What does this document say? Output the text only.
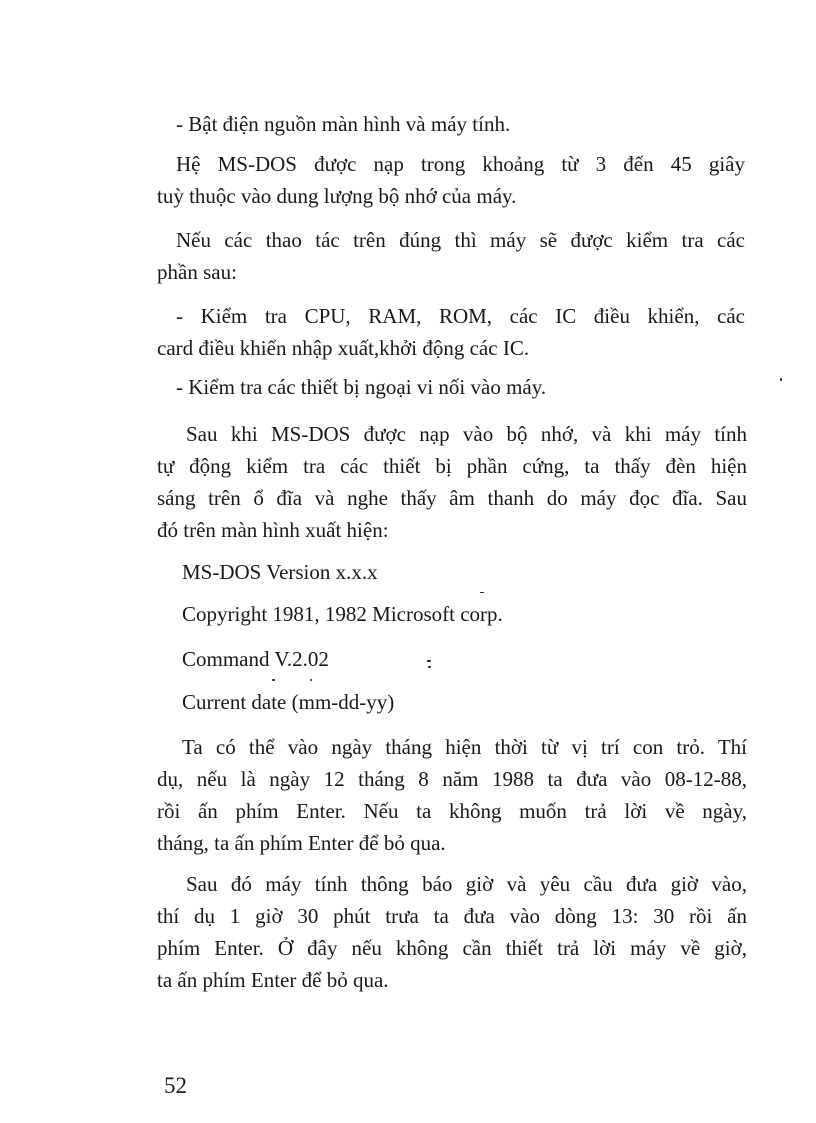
- Bật điện nguồn màn hình và máy tính.
Hệ MS-DOS được nạp trong khoảng từ 3 đến 45 giây
tuỳ thuộc vào dung lượng bộ nhớ của máy.
Nếu các thao tác trên đúng thì máy sẽ được kiểm tra các
phần sau:
- Kiểm tra CPU, RAM, ROM, các IC điều khiển, các
card điều khiển nhập xuất,khởi động các IC.
- Kiểm tra các thiết bị ngoại vi nối vào máy.
Sau khi MS-DOS được nạp vào bộ nhớ, và khi máy tính
tự động kiểm tra các thiết bị phần cứng, ta thấy đèn hiện
sáng trên ổ đĩa và nghe thấy âm thanh do máy đọc đĩa. Sau
đó trên màn hình xuất hiện:
MS-DOS Version x.x.x
Copyright 1981, 1982 Microsoft corp.
Command V.2.02
Current date (mm-dd-yy)
Ta có thể vào ngày tháng hiện thời từ vị trí con trỏ. Thí
dụ, nếu là ngày 12 tháng 8 năm 1988 ta đưa vào 08-12-88,
rồi ấn phím Enter. Nếu ta không muốn trả lời về ngày,
tháng, ta ấn phím Enter để bỏ qua.
Sau đó máy tính thông báo giờ và yêu cầu đưa giờ vào,
thí dụ 1 giờ 30 phút trưa ta đưa vào dòng 13: 30 rồi ấn
phím Enter. Ở đây nếu không cần thiết trả lời máy về giờ,
ta ấn phím Enter để bỏ qua.
52
